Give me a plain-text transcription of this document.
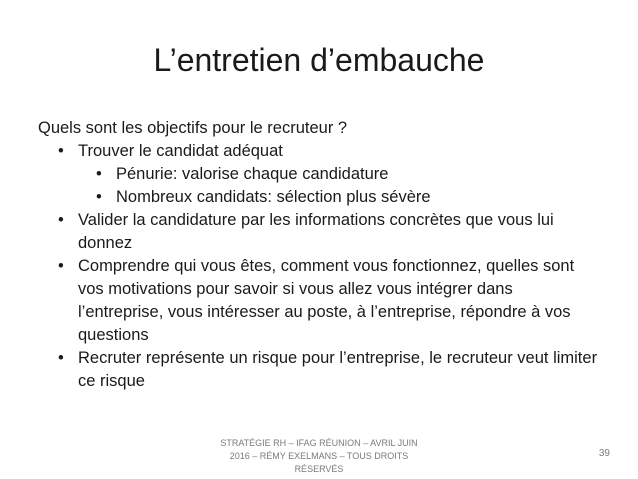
L’entretien d’embauche

Quels sont les objectifs pour le recruteur ?

• Trouver le candidat adéquat
• Pénurie: valorise chaque candidature
• Nombreux candidats: sélection plus sévère
• Valider la candidature par les informations concrètes que vous lui donnez
• Comprendre qui vous êtes, comment vous fonctionnez, quelles sont vos motivations pour savoir si vous allez vous intégrer dans l’entreprise, vous intéresser au poste, à l’entreprise, répondre à vos questions
• Recruter représente un risque pour l’entreprise, le recruteur veut limiter ce risque
STRATÉGIE RH – IFAG RÉUNION – AVRIL JUIN 2016 – RÉMY EXELMANS – TOUS DROITS RÉSERVÉS
39
